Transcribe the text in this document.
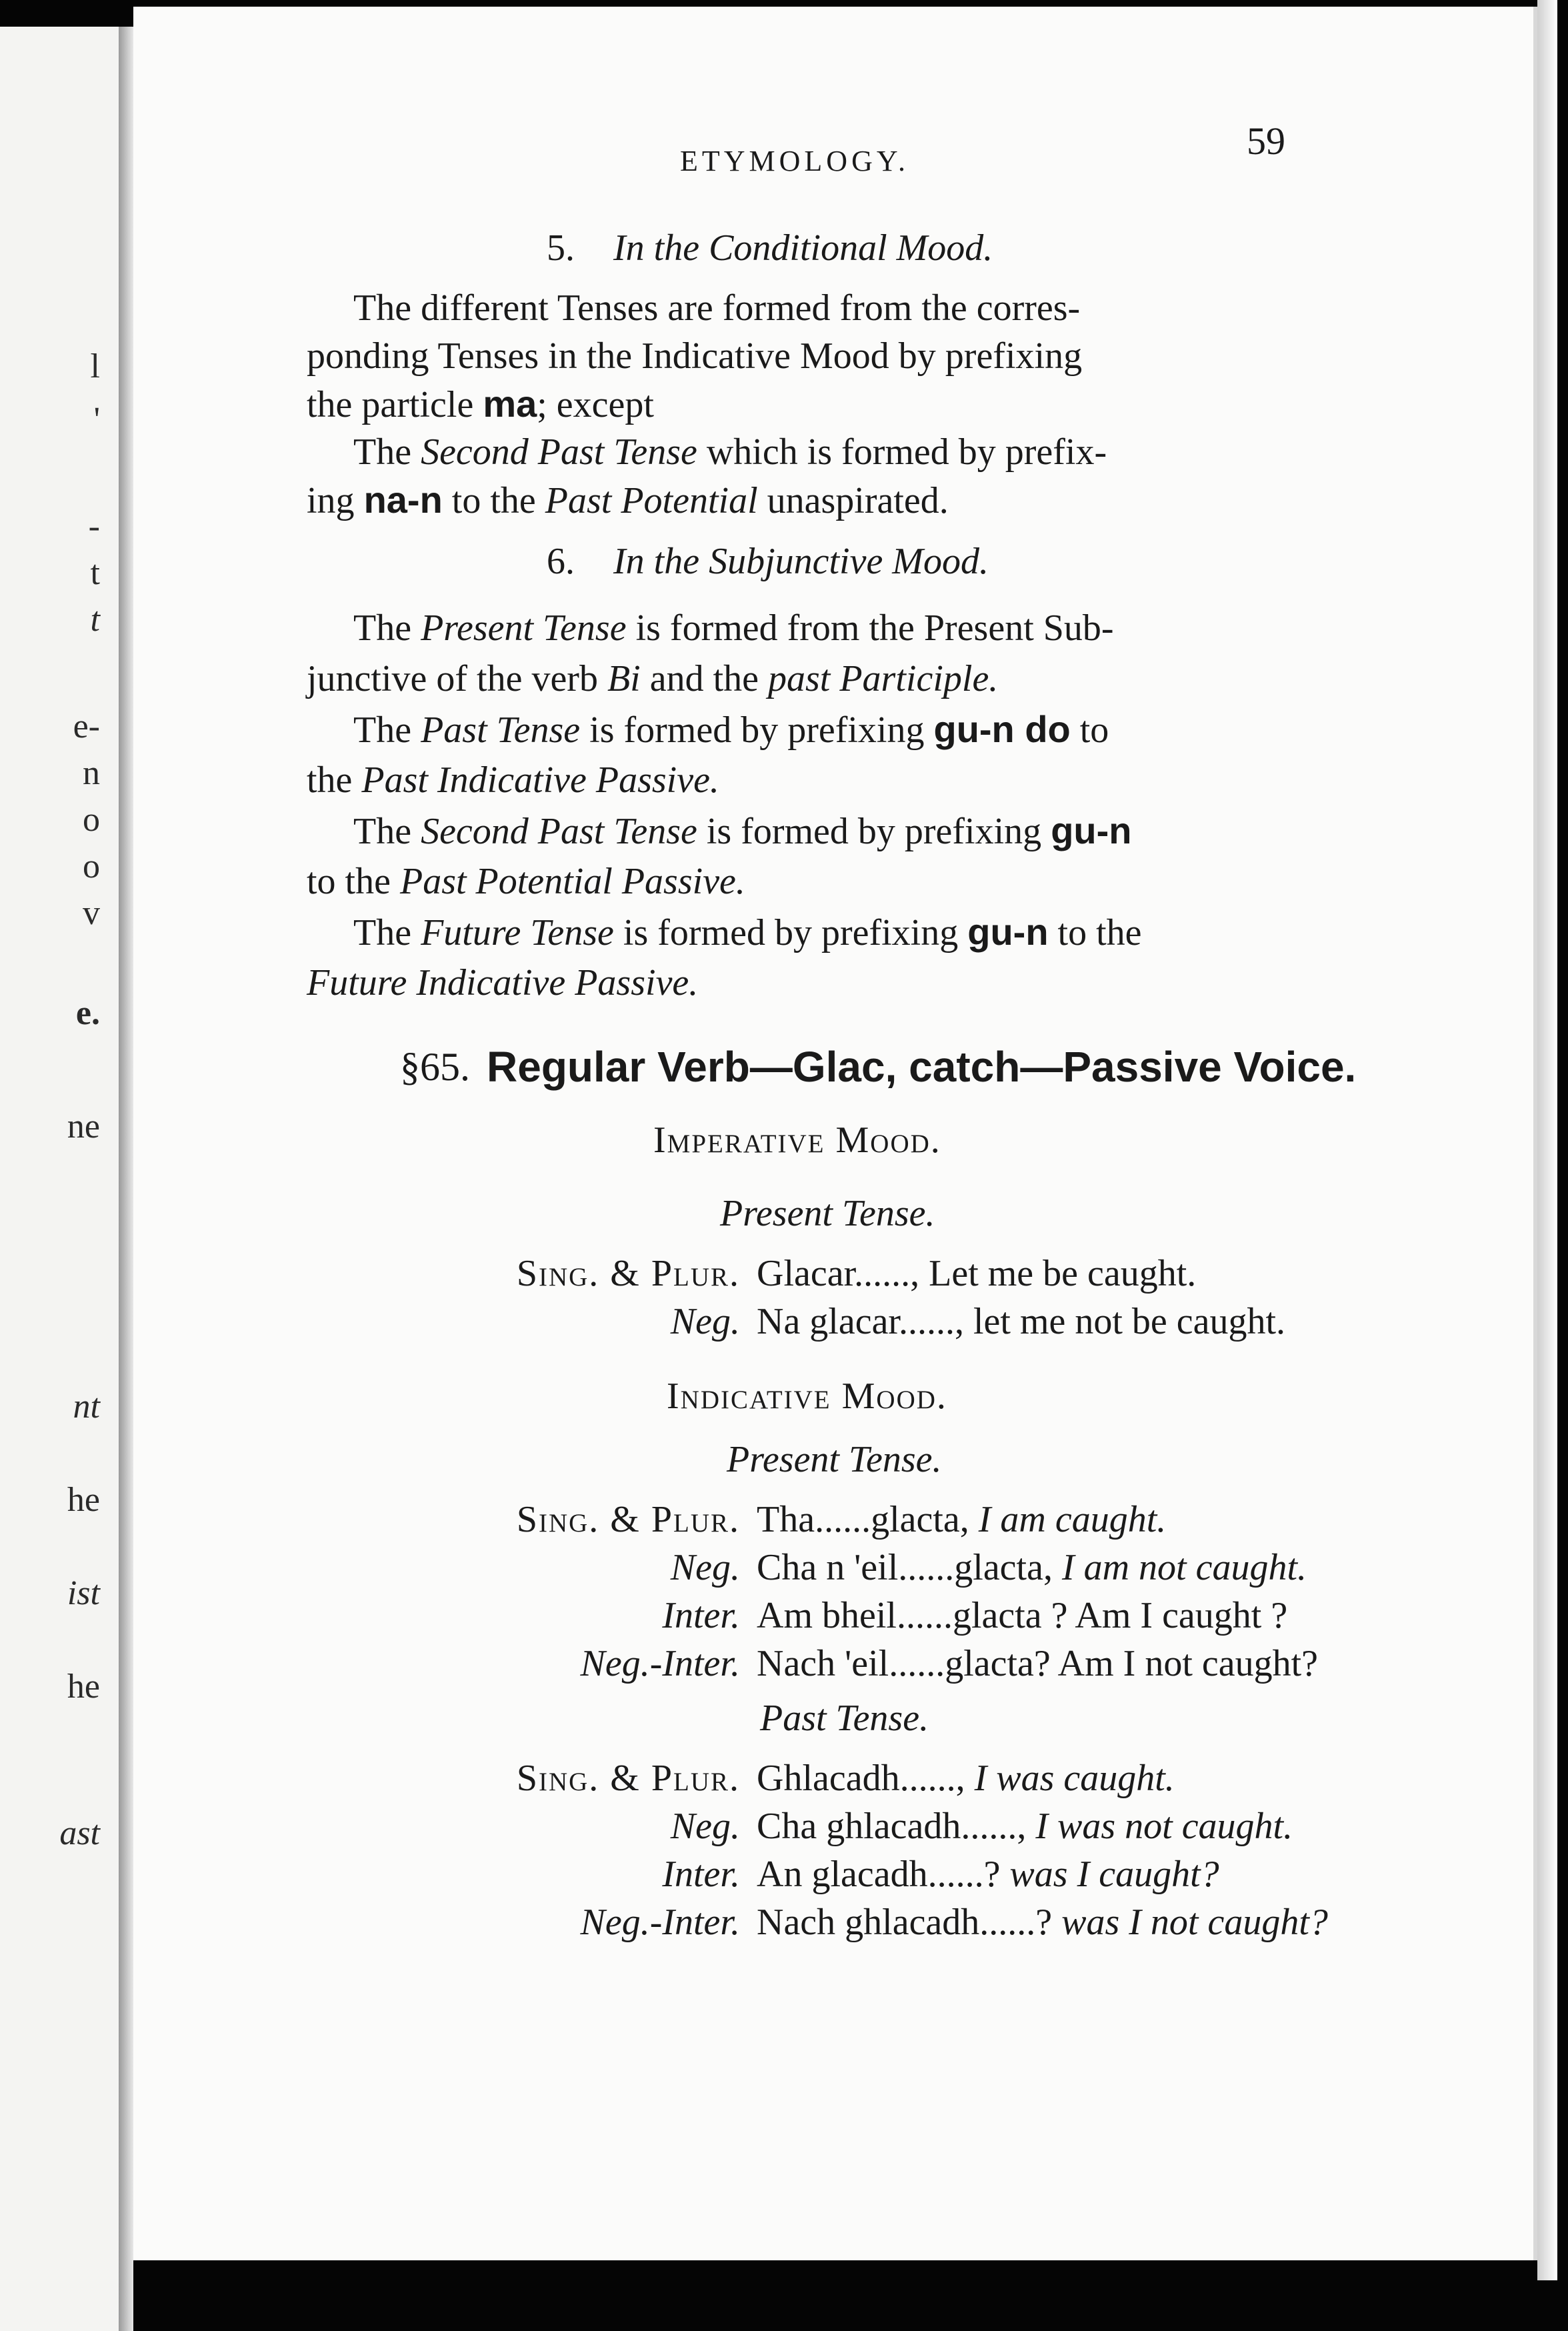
l
'
-
t
t
e-
n
o
o
v
e.
ne
nt
he
ist
he
ast
ETYMOLOGY.	59
5. In the Conditional Mood.
The different Tenses are formed from the corres-
ponding Tenses in the Indicative Mood by prefixing
the particle ma; except
The Second Past Tense which is formed by prefix-
ing na-n to the Past Potential unaspirated.
6. In the Subjunctive Mood.
The Present Tense is formed from the Present Sub-
junctive of the verb Bi and the past Participle.
The Past Tense is formed by prefixing gu-n do to
the Past Indicative Passive.
The Second Past Tense is formed by prefixing gu-n
to the Past Potential Passive.
The Future Tense is formed by prefixing gu-n to the
Future Indicative Passive.
§65. Regular Verb—Glac, catch—Passive Voice.
Imperative Mood.
Present Tense.
Sing. & Plur. Glacar......, Let me be caught.
Neg. Na glacar......, let me not be caught.
Indicative Mood.
Present Tense.
Sing. & Plur. Tha......glacta, I am caught.
Neg. Cha n 'eil......glacta, I am not caught.
Inter. Am bheil......glacta ? Am I caught ?
Neg.-Inter. Nach 'eil......glacta? Am I not caught?
Past Tense.
Sing. & Plur. Ghlacadh......, I was caught.
Neg. Cha ghlacadh......, I was not caught.
Inter. An glacadh......? was I caught?
Neg.-Inter. Nach ghlacadh......? was I not caught?
